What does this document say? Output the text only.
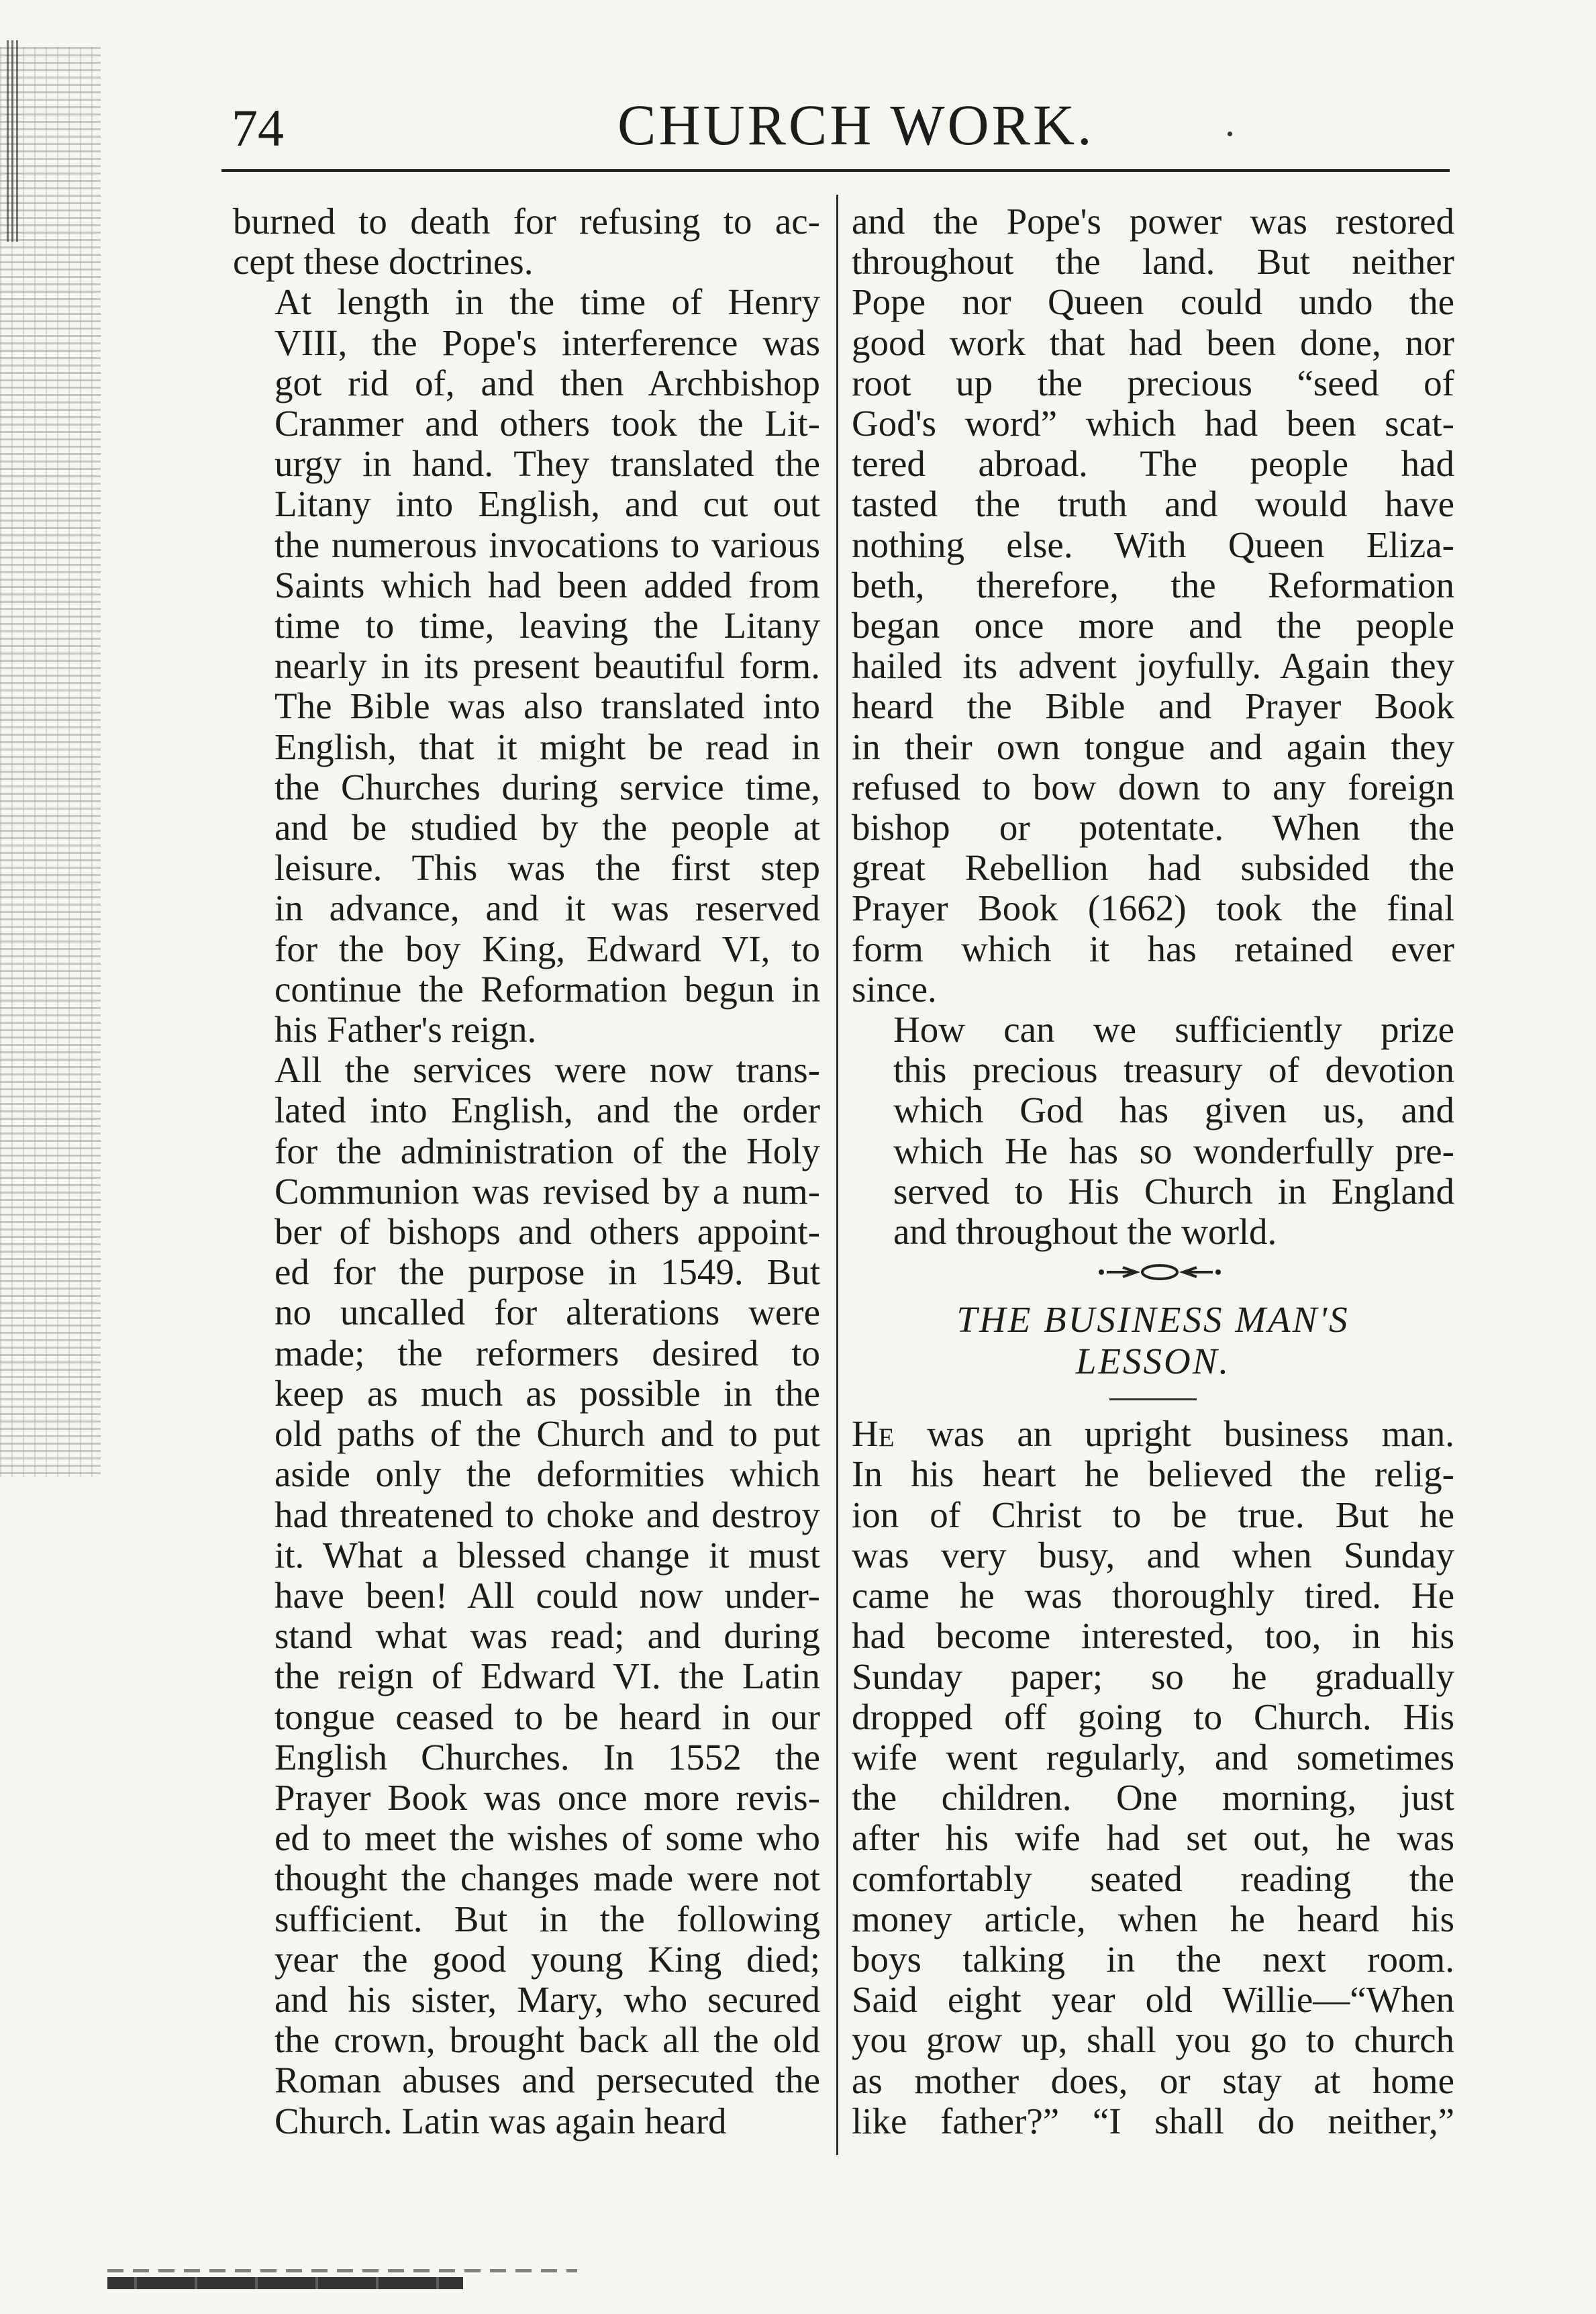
74	CHURCH WORK.

burned to death for refusing to ac-
cept these doctrines.

At length in the time of Henry
VIII, the Pope's interference was
got rid of, and then Archbishop
Cranmer and others took the Lit-
urgy in hand. They translated the
Litany into English, and cut out
the numerous invocations to various
Saints which had been added from
time to time, leaving the Litany
nearly in its present beautiful form.
The Bible was also translated into
English, that it might be read in
the Churches during service time,
and be studied by the people at
leisure. This was the first step
in advance, and it was reserved
for the boy King, Edward VI, to
continue the Reformation begun in
his Father's reign.

All the services were now trans-
lated into English, and the order
for the administration of the Holy
Communion was revised by a num-
ber of bishops and others appoint-
ed for the purpose in 1549. But
no uncalled for alterations were
made; the reformers desired to
keep as much as possible in the
old paths of the Church and to put
aside only the deformities which
had threatened to choke and destroy
it. What a blessed change it must
have been! All could now under-
stand what was read; and during
the reign of Edward VI. the Latin
tongue ceased to be heard in our
English Churches. In 1552 the
Prayer Book was once more revis-
ed to meet the wishes of some who
thought the changes made were not
sufficient. But in the following
year the good young King died;
and his sister, Mary, who secured
the crown, brought back all the old
Roman abuses and persecuted the
Church. Latin was again heard

and the Pope's power was restored
throughout the land. But neither
Pope nor Queen could undo the
good work that had been done, nor
root up the precious “seed of
God's word” which had been scat-
tered abroad. The people had
tasted the truth and would have
nothing else. With Queen Eliza-
beth, therefore, the Reformation
began once more and the people
hailed its advent joyfully. Again they
heard the Bible and Prayer Book
in their own tongue and again they
refused to bow down to any foreign
bishop or potentate. When the
great Rebellion had subsided the
Prayer Book (1662) took the final
form which it has retained ever
since.

How can we sufficiently prize
this precious treasury of devotion
which God has given us, and
which He has so wonderfully pre-
served to His Church in England
and throughout the world.

THE BUSINESS MAN'S
LESSON.
He was an upright business man.
In his heart he believed the relig-
ion of Christ to be true. But he
was very busy, and when Sunday
came he was thoroughly tired. He
had become interested, too, in his
Sunday paper; so he gradually
dropped off going to Church. His
wife went regularly, and sometimes
the children. One morning, just
after his wife had set out, he was
comfortably seated reading the
money article, when he heard his
boys talking in the next room.
Said eight year old Willie—“When
you grow up, shall you go to church
as mother does, or stay at home
like father?” “I shall do neither,”
